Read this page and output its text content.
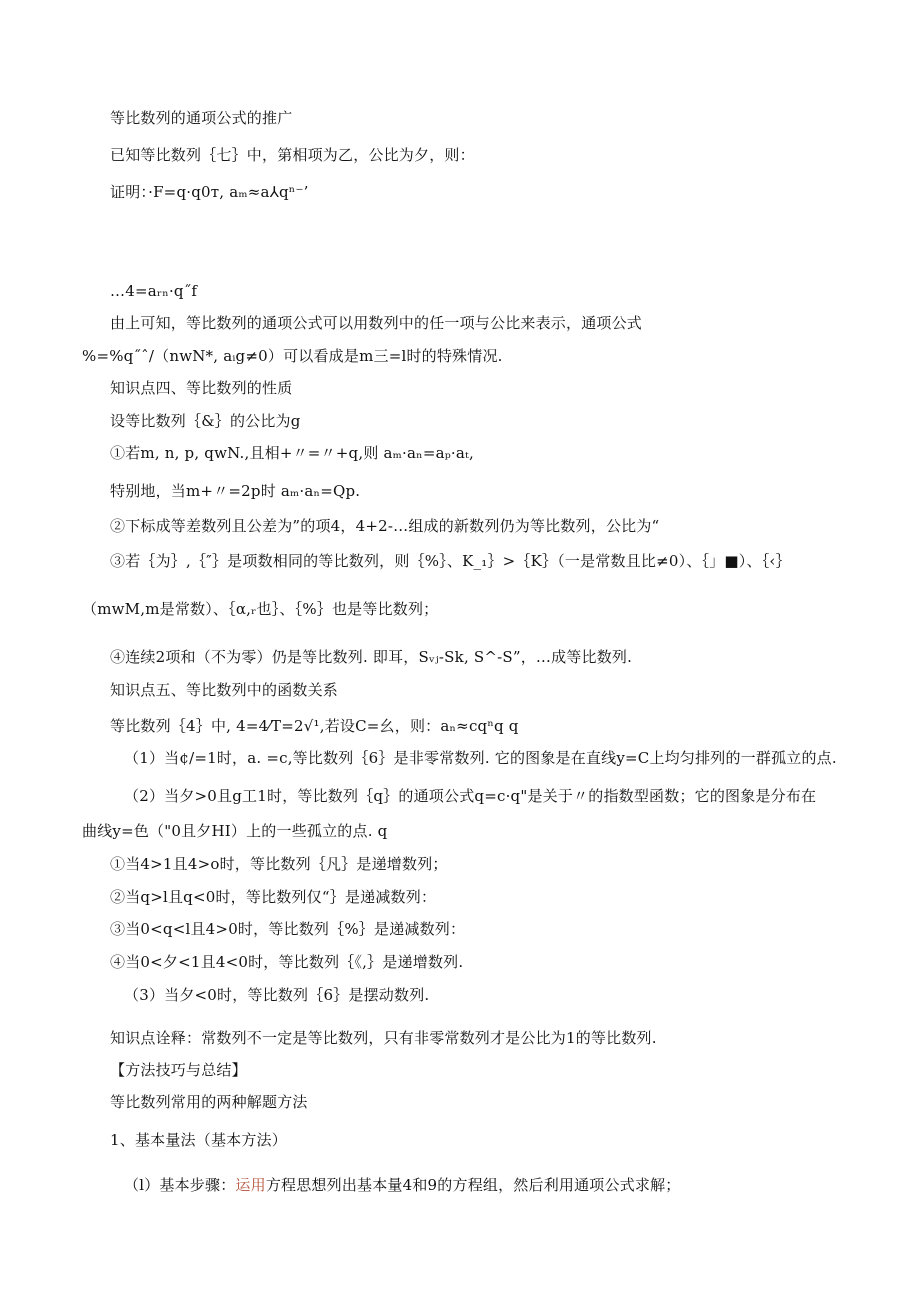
等比数列的通项公式的推广
已知等比数列｛七｝中，第相项为乙，公比为夕，则：
证明：·F=q·q0т, aₘ≈a⅄qⁿ⁻’
…4=aᵣₙ·q˝f
由上可知，等比数列的通项公式可以用数列中的任一项与公比来表示，通项公式
%=%q˝ˆ/（nwN*, aᵢg≠0）可以看成是m三=l时的特殊情况.
知识点四、等比数列的性质
设等比数列｛&｝的公比为g
①若m, n, p, qwN.,且相+〃=〃+q,则 aₘ·aₙ=aₚ·aₜ,
特别地，当m+〃=2p时 aₘ·aₙ=Qp.
②下标成等差数列且公差为”的项4，4+2-…组成的新数列仍为等比数列，公比为“
③若｛为｝,｛″｝是项数相同的等比数列，则｛%｝、K_₁｝>｛K｝（一是常数且比≠0）、｛」■）、｛‹｝
（mwM,m是常数）、｛α,ᵣ也｝、｛%｝也是等比数列；
④连续2项和（不为零）仍是等比数列. 即耳，Sᵥⱼ-Sk, S^-S”，…成等比数列.
知识点五、等比数列中的函数关系
等比数列｛4｝中, 4=4⁄T=2√¹,若设C=幺，则：aₙ≈cqⁿq q
（1）当¢/=1时，a. =c,等比数列｛6｝是非零常数列. 它的图象是在直线y=C上均匀排列的一群孤立的点.
（2）当夕>0且g工1时，等比数列｛q｝的通项公式q=c·q"是关于〃的指数型函数；它的图象是分布在
曲线y=色（"0且夕HI）上的一些孤立的点. q
①当4>1且4>o时，等比数列｛凡｝是递增数列；
②当q>l且q<0时，等比数列仅“｝是递减数列：
③当0<q<l且4>0时，等比数列｛%｝是递减数列：
④当0<夕<1且4<0时，等比数列｛《,｝是递增数列.
（3）当夕<0时，等比数列｛6｝是摆动数列.
知识点诠释：常数列不一定是等比数列，只有非零常数列才是公比为1的等比数列.
【方法技巧与总结】
等比数列常用的两种解题方法
1、基本量法（基本方法）
（l）基本步骤：运用方程思想列出基本量4和9的方程组，然后利用通项公式求解；
